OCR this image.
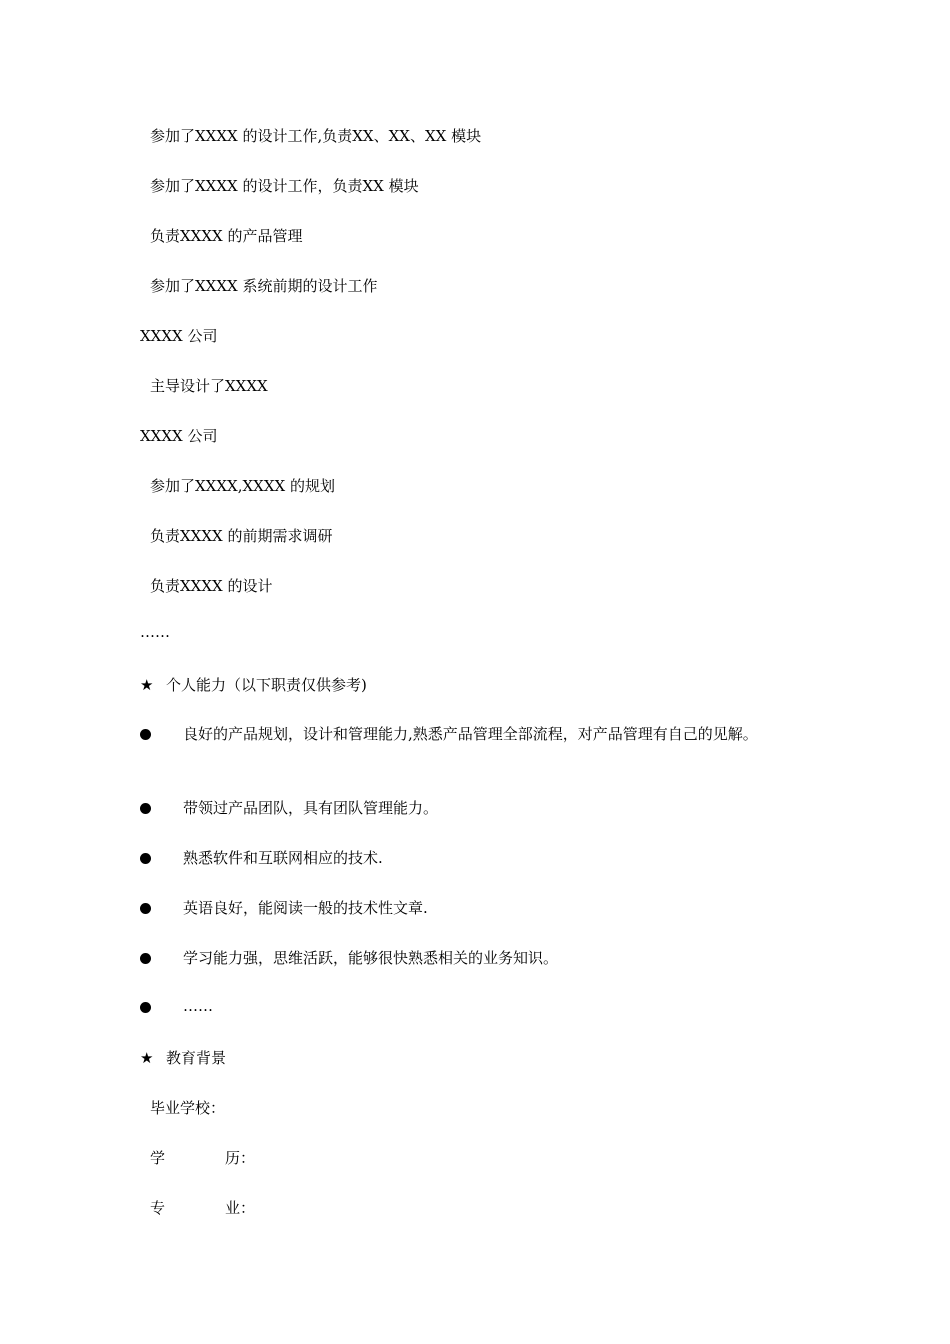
参加了XXXX 的设计工作,负责XX、XX、XX 模块
参加了XXXX 的设计工作，负责XX 模块
负责XXXX 的产品管理
参加了XXXX 系统前期的设计工作
XXXX 公司
主导设计了XXXX
XXXX 公司
参加了XXXX,XXXX 的规划
负责XXXX 的前期需求调研
负责XXXX 的设计
……
★ 个人能力（以下职责仅供参考)
良好的产品规划，设计和管理能力,熟悉产品管理全部流程，对产品管理有自己的见解。
带领过产品团队，具有团队管理能力。
熟悉软件和互联网相应的技术.
英语良好，能阅读一般的技术性文章.
学习能力强，思维活跃，能够很快熟悉相关的业务知识。
……
★ 教育背景
毕业学校：
学	历：
专	业：
